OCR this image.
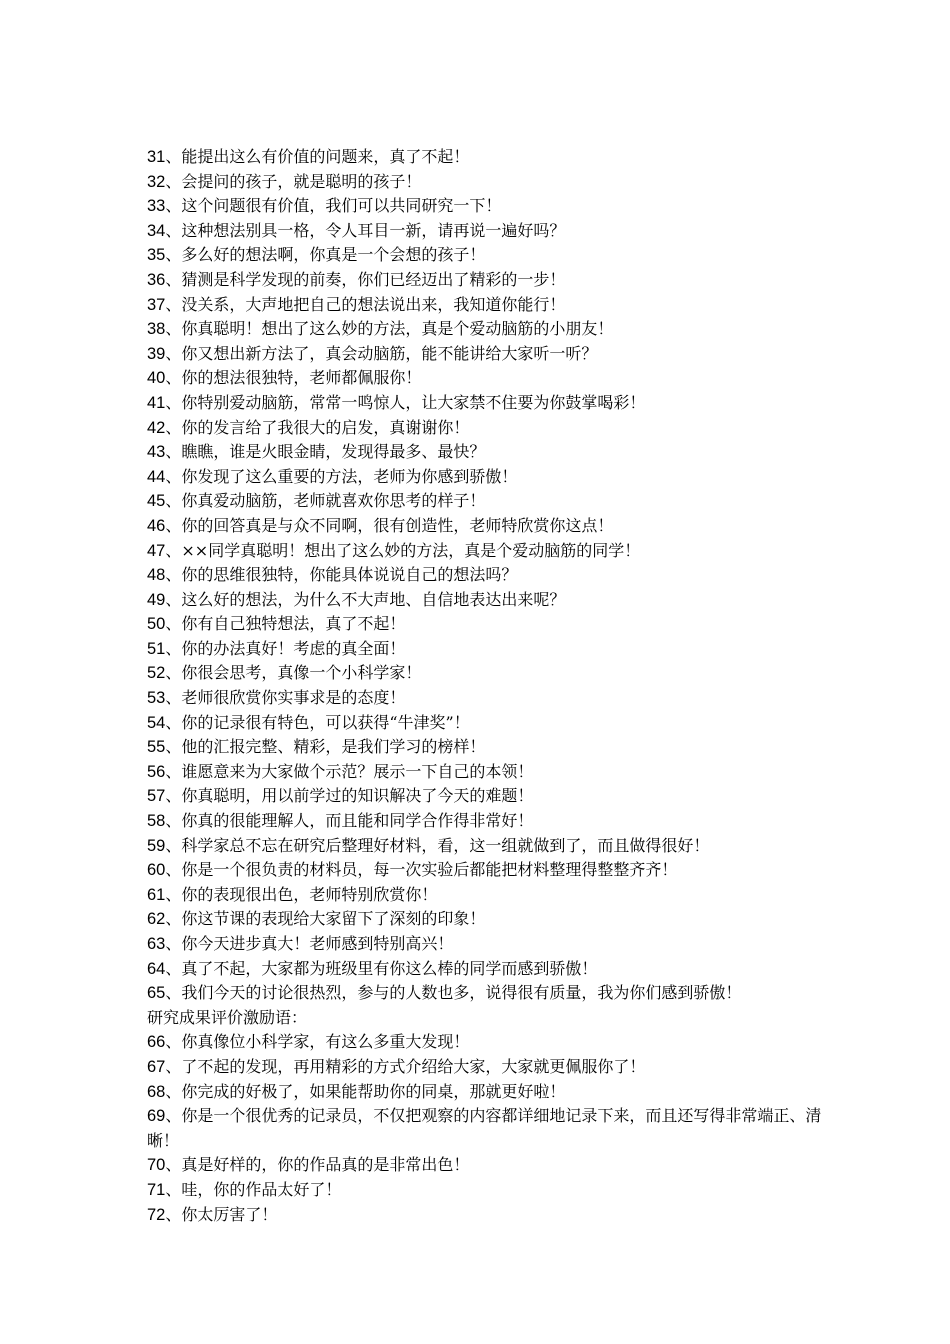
31、能提出这么有价值的问题来，真了不起！
32、会提问的孩子，就是聪明的孩子！
33、这个问题很有价值，我们可以共同研究一下！
34、这种想法别具一格，令人耳目一新，请再说一遍好吗？
35、多么好的想法啊，你真是一个会想的孩子！
36、猜测是科学发现的前奏，你们已经迈出了精彩的一步！
37、没关系，大声地把自己的想法说出来，我知道你能行！
38、你真聪明！想出了这么妙的方法，真是个爱动脑筋的小朋友！
39、你又想出新方法了，真会动脑筋，能不能讲给大家听一听？
40、你的想法很独特，老师都佩服你！
41、你特别爱动脑筋，常常一鸣惊人，让大家禁不住要为你鼓掌喝彩！
42、你的发言给了我很大的启发，真谢谢你！
43、瞧瞧，谁是火眼金睛，发现得最多、最快？
44、你发现了这么重要的方法，老师为你感到骄傲！
45、你真爱动脑筋，老师就喜欢你思考的样子！
46、你的回答真是与众不同啊，很有创造性，老师特欣赏你这点！
47、××同学真聪明！想出了这么妙的方法，真是个爱动脑筋的同学！
48、你的思维很独特，你能具体说说自己的想法吗？
49、这么好的想法，为什么不大声地、自信地表达出来呢？
50、你有自己独特想法，真了不起！
51、你的办法真好！考虑的真全面！
52、你很会思考，真像一个小科学家！
53、老师很欣赏你实事求是的态度！
54、你的记录很有特色，可以获得“牛津奖”！
55、他的汇报完整、精彩，是我们学习的榜样！
56、谁愿意来为大家做个示范？展示一下自己的本领！
57、你真聪明，用以前学过的知识解决了今天的难题！
58、你真的很能理解人，而且能和同学合作得非常好！
59、科学家总不忘在研究后整理好材料，看，这一组就做到了，而且做得很好！
60、你是一个很负责的材料员，每一次实验后都能把材料整理得整整齐齐！
61、你的表现很出色，老师特别欣赏你！
62、你这节课的表现给大家留下了深刻的印象！
63、你今天进步真大！老师感到特别高兴！
64、真了不起，大家都为班级里有你这么棒的同学而感到骄傲！
65、我们今天的讨论很热烈，参与的人数也多，说得很有质量，我为你们感到骄傲！
研究成果评价激励语：
66、你真像位小科学家，有这么多重大发现！
67、了不起的发现，再用精彩的方式介绍给大家，大家就更佩服你了！
68、你完成的好极了，如果能帮助你的同桌，那就更好啦！
69、你是一个很优秀的记录员，不仅把观察的内容都详细地记录下来，而且还写得非常端正、清晰！
70、真是好样的，你的作品真的是非常出色！
71、哇，你的作品太好了！
72、你太厉害了！
